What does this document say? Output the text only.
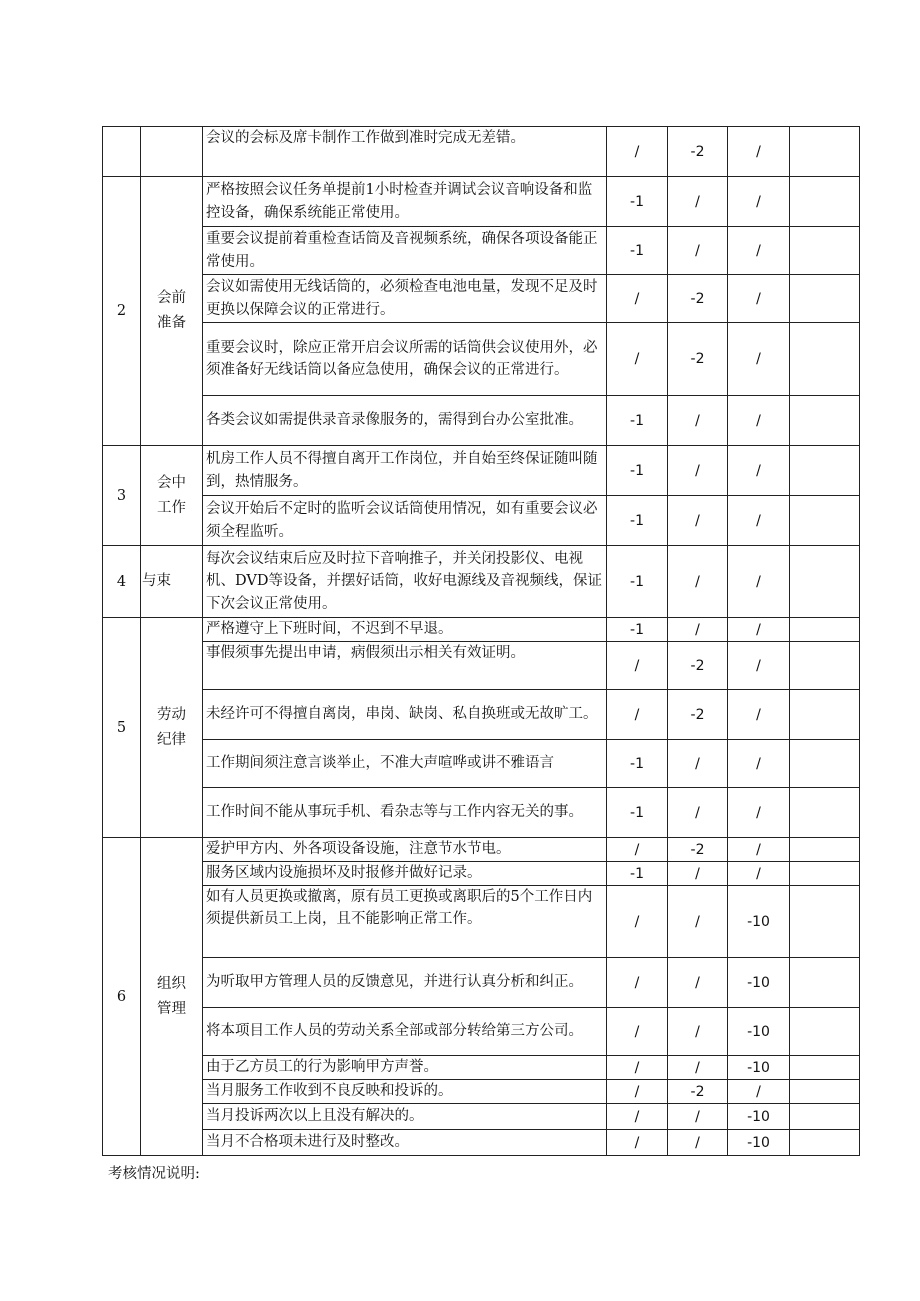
		会议的会标及席卡制作工作做到准时完成无差错。	/	-2	/	
2	会前准备	严格按照会议任务单提前1小时检查并调试会议音响设备和监控设备，确保系统能正常使用。	-1	/	/	
		重要会议提前着重检查话筒及音视频系统，确保各项设备能正常使用。	-1	/	/	
		会议如需使用无线话筒的，必须检查电池电量，发现不足及时更换以保障会议的正常进行。	/	-2	/	
		重要会议时，除应正常开启会议所需的话筒供会议使用外，必须准备好无线话筒以备应急使用，确保会议的正常进行。	/	-2	/	
		各类会议如需提供录音录像服务的，需得到台办公室批准。	-1	/	/	
3	会中工作	机房工作人员不得擅自离开工作岗位，并自始至终保证随叫随到，热情服务。	-1	/	/	
		会议开始后不定时的监听会议话筒使用情况，如有重要会议必须全程监听。	-1	/	/	
4	与束	每次会议结束后应及时拉下音响推子，并关闭投影仪、电视机、DVD等设备，并摆好话筒，收好电源线及音视频线，保证下次会议正常使用。	-1	/	/	
5	劳动纪律	严格遵守上下班时间，不迟到不早退。	-1	/	/	
		事假须事先提出申请，病假须出示相关有效证明。	/	-2	/	
		未经许可不得擅自离岗，串岗、缺岗、私自换班或无故旷工。	/	-2	/	
		工作期间须注意言谈举止，不准大声喧哗或讲不雅语言	-1	/	/	
		工作时间不能从事玩手机、看杂志等与工作内容无关的事。	-1	/	/	
6	组织管理	爱护甲方内、外各项设备设施，注意节水节电。	/	-2	/	
		服务区域内设施损坏及时报修并做好记录。	-1	/	/	
		如有人员更换或撤离，原有员工更换或离职后的5个工作日内须提供新员工上岗，且不能影响正常工作。	/	/	-10	
		为听取甲方管理人员的反馈意见，并进行认真分析和纠正。	/	/	-10	
		将本项目工作人员的劳动关系全部或部分转给第三方公司。	/	/	-10	
		由于乙方员工的行为影响甲方声誉。	/	/	-10	
		当月服务工作收到不良反映和投诉的。	/	-2	/	
		当月投诉两次以上且没有解决的。	/	/	-10	
		当月不合格项未进行及时整改。	/	/	-10	
考核情况说明:
